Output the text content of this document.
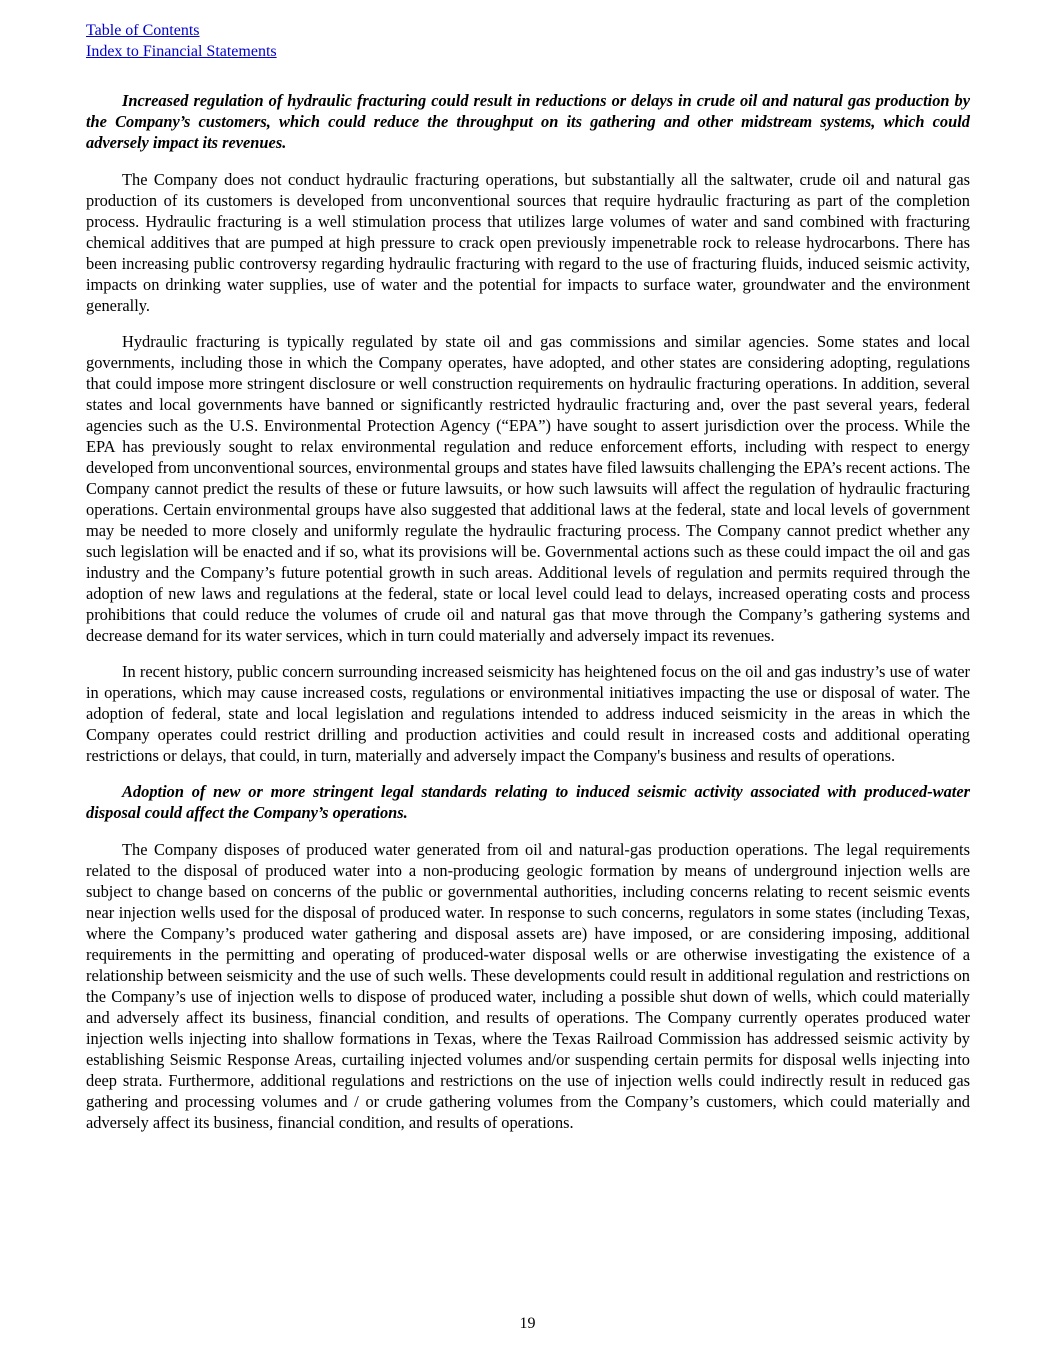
Table of Contents
Index to Financial Statements

Increased regulation of hydraulic fracturing could result in reductions or delays in crude oil and natural gas production by the Company’s customers, which could reduce the throughput on its gathering and other midstream systems, which could adversely impact its revenues.

The Company does not conduct hydraulic fracturing operations, but substantially all the saltwater, crude oil and natural gas production of its customers is developed from unconventional sources that require hydraulic fracturing as part of the completion process. Hydraulic fracturing is a well stimulation process that utilizes large volumes of water and sand combined with fracturing chemical additives that are pumped at high pressure to crack open previously impenetrable rock to release hydrocarbons. There has been increasing public controversy regarding hydraulic fracturing with regard to the use of fracturing fluids, induced seismic activity, impacts on drinking water supplies, use of water and the potential for impacts to surface water, groundwater and the environment generally.

Hydraulic fracturing is typically regulated by state oil and gas commissions and similar agencies. Some states and local governments, including those in which the Company operates, have adopted, and other states are considering adopting, regulations that could impose more stringent disclosure or well construction requirements on hydraulic fracturing operations. In addition, several states and local governments have banned or significantly restricted hydraulic fracturing and, over the past several years, federal agencies such as the U.S. Environmental Protection Agency (“EPA”) have sought to assert jurisdiction over the process. While the EPA has previously sought to relax environmental regulation and reduce enforcement efforts, including with respect to energy developed from unconventional sources, environmental groups and states have filed lawsuits challenging the EPA’s recent actions. The Company cannot predict the results of these or future lawsuits, or how such lawsuits will affect the regulation of hydraulic fracturing operations. Certain environmental groups have also suggested that additional laws at the federal, state and local levels of government may be needed to more closely and uniformly regulate the hydraulic fracturing process. The Company cannot predict whether any such legislation will be enacted and if so, what its provisions will be. Governmental actions such as these could impact the oil and gas industry and the Company’s future potential growth in such areas. Additional levels of regulation and permits required through the adoption of new laws and regulations at the federal, state or local level could lead to delays, increased operating costs and process prohibitions that could reduce the volumes of crude oil and natural gas that move through the Company’s gathering systems and decrease demand for its water services, which in turn could materially and adversely impact its revenues.

In recent history, public concern surrounding increased seismicity has heightened focus on the oil and gas industry’s use of water in operations, which may cause increased costs, regulations or environmental initiatives impacting the use or disposal of water. The adoption of federal, state and local legislation and regulations intended to address induced seismicity in the areas in which the Company operates could restrict drilling and production activities and could result in increased costs and additional operating restrictions or delays, that could, in turn, materially and adversely impact the Company's business and results of operations.

Adoption of new or more stringent legal standards relating to induced seismic activity associated with produced-water disposal could affect the Company’s operations.

The Company disposes of produced water generated from oil and natural-gas production operations. The legal requirements related to the disposal of produced water into a non-producing geologic formation by means of underground injection wells are subject to change based on concerns of the public or governmental authorities, including concerns relating to recent seismic events near injection wells used for the disposal of produced water. In response to such concerns, regulators in some states (including Texas, where the Company’s produced water gathering and disposal assets are) have imposed, or are considering imposing, additional requirements in the permitting and operating of produced-water disposal wells or are otherwise investigating the existence of a relationship between seismicity and the use of such wells. These developments could result in additional regulation and restrictions on the Company’s use of injection wells to dispose of produced water, including a possible shut down of wells, which could materially and adversely affect its business, financial condition, and results of operations. The Company currently operates produced water injection wells injecting into shallow formations in Texas, where the Texas Railroad Commission has addressed seismic activity by establishing Seismic Response Areas, curtailing injected volumes and/or suspending certain permits for disposal wells injecting into deep strata. Furthermore, additional regulations and restrictions on the use of injection wells could indirectly result in reduced gas gathering and processing volumes and / or crude gathering volumes from the Company’s customers, which could materially and adversely affect its business, financial condition, and results of operations.

19
